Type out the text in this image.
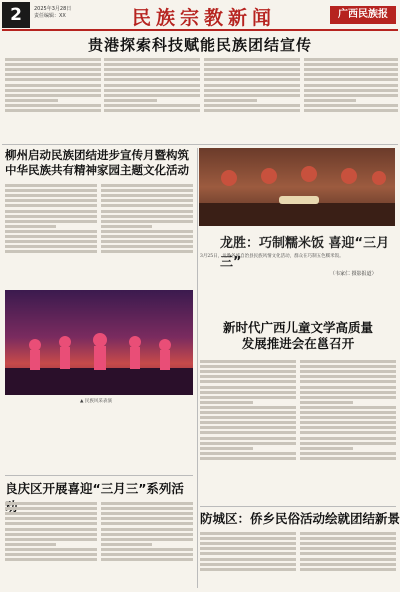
2	2025年3月28日
责任编辑：XX	民族宗教新闻	广西民族报
贵港探索科技赋能民族团结宣传
柳州启动民族团结进步宣传月暨构筑
中华民族共有精神家园主题文化活动
▲ 民族风采表演
龙胜：巧制糯米饭 喜迎“三月三”
3月25日，龙胜各族自治县民族风情文化活动，群众在巧制五色糯米饭。
（韦家仁 摄影报道）
新时代广西儿童文学高质量
发展推进会在邕召开
良庆区开展喜迎“三月三”系列活
防城区：侨乡民俗活动绘就团结新景
